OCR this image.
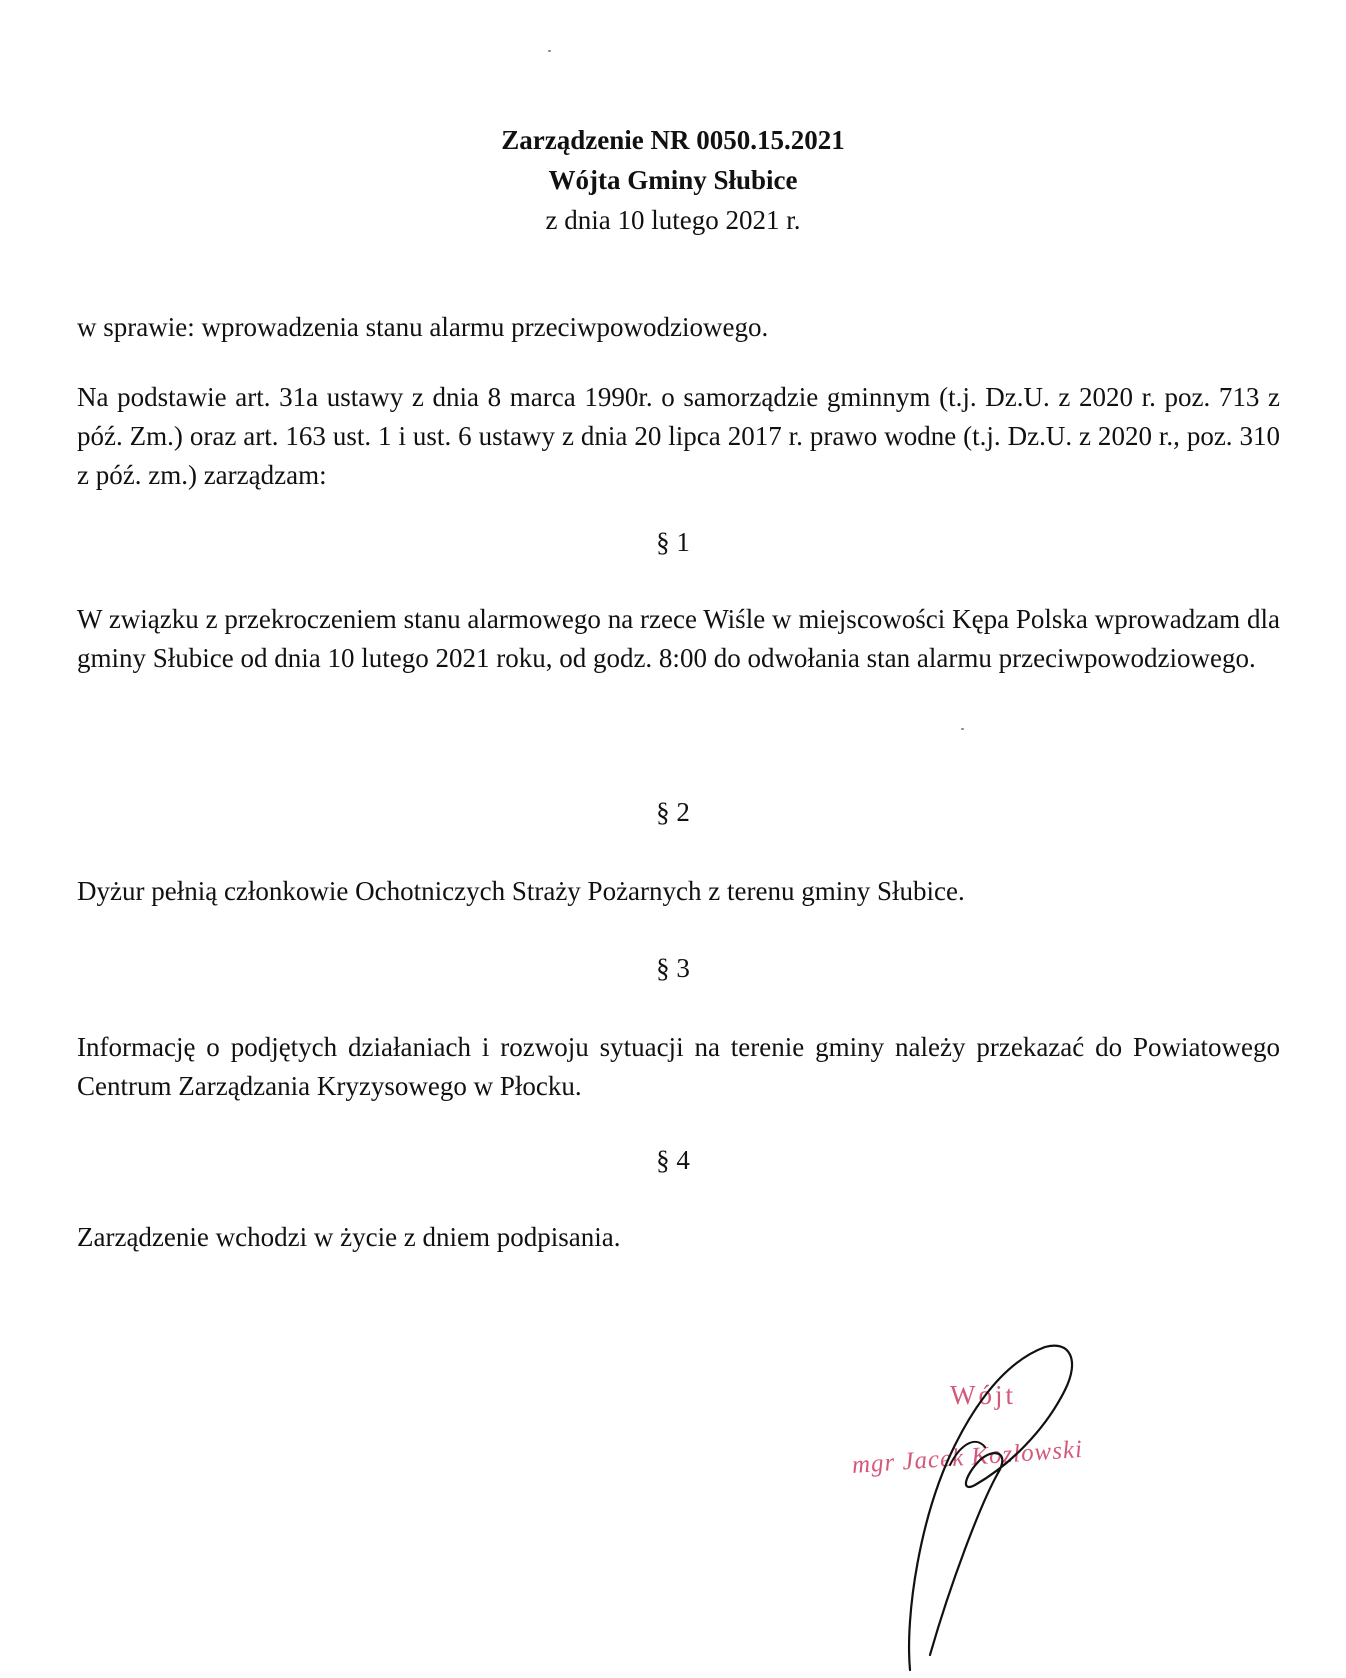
Zarządzenie NR 0050.15.2021
Wójta Gminy Słubice
z dnia 10 lutego 2021 r.
w sprawie: wprowadzenia stanu alarmu przeciwpowodziowego.
Na podstawie art. 31a ustawy z dnia 8 marca 1990r. o samorządzie gminnym (t.j. Dz.U. z 2020 r. poz. 713 z póź. Zm.) oraz art. 163 ust. 1 i ust. 6 ustawy z dnia 20 lipca 2017 r. prawo wodne (t.j. Dz.U. z 2020 r., poz. 310 z póź. zm.) zarządzam:
§ 1
W związku z przekroczeniem stanu alarmowego na rzece Wiśle w miejscowości Kępa Polska wprowadzam dla gminy Słubice od dnia 10 lutego 2021 roku, od godz. 8:00 do odwołania stan alarmu przeciwpowodziowego.
§ 2
Dyżur pełnią członkowie Ochotniczych Straży Pożarnych z terenu gminy Słubice.
§ 3
Informację o podjętych działaniach i rozwoju sytuacji na terenie gminy należy przekazać do Powiatowego Centrum Zarządzania Kryzysowego w Płocku.
§ 4
Zarządzenie wchodzi w życie z dniem podpisania.
Wójt
mgr Jacek Kozłowski
